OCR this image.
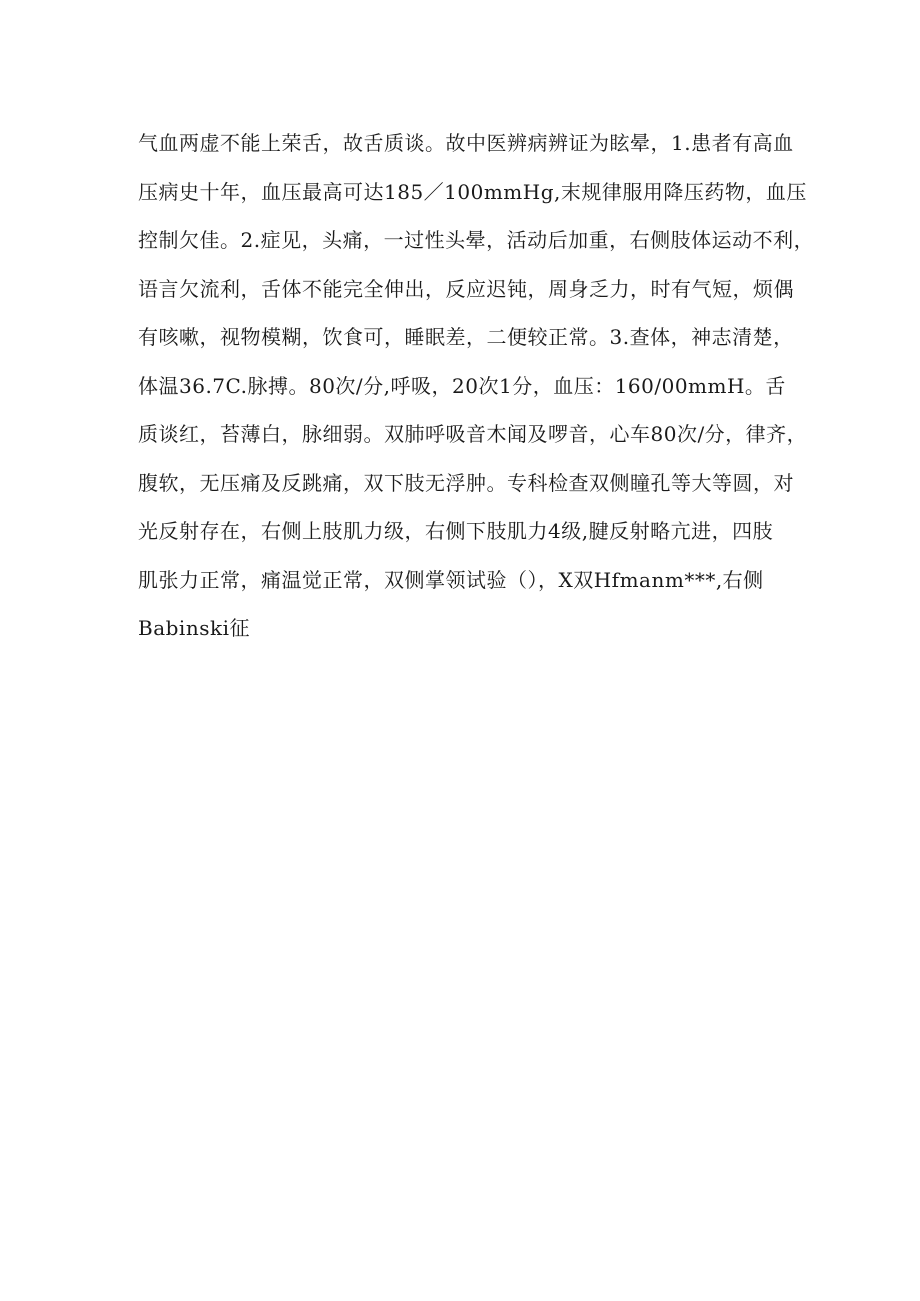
气血两虚不能上荣舌，故舌质谈。故中医辨病辨证为眩晕，1.患者有高血
压病史十年，血压最高可达185／100mmHg,末规律服用降压药物，血压
控制欠佳。2.症见，头痛，一过性头晕，活动后加重，右侧肢体运动不利，
语言欠流利，舌体不能完全伸出，反应迟钝，周身乏力，时有气短，烦偶
有咳嗽，视物模糊，饮食可，睡眠差，二便较正常。3.查体，神志清楚，
体温36.7C.脉搏。80次/分,呼吸，20次1分，血压：160/00mmH。舌
质谈红，苔薄白，脉细弱。双肺呼吸音木闻及啰音，心车80次/分，律齐，
腹软，无压痛及反跳痛，双下肢无浮肿。专科检查双侧瞳孔等大等圆，对
光反射存在，右侧上肢肌力级，右侧下肢肌力4级,腱反射略亢进，四肢
肌张力正常，痛温觉正常，双侧掌领试验（），X双Hfmanm***,右侧
Babinski征
